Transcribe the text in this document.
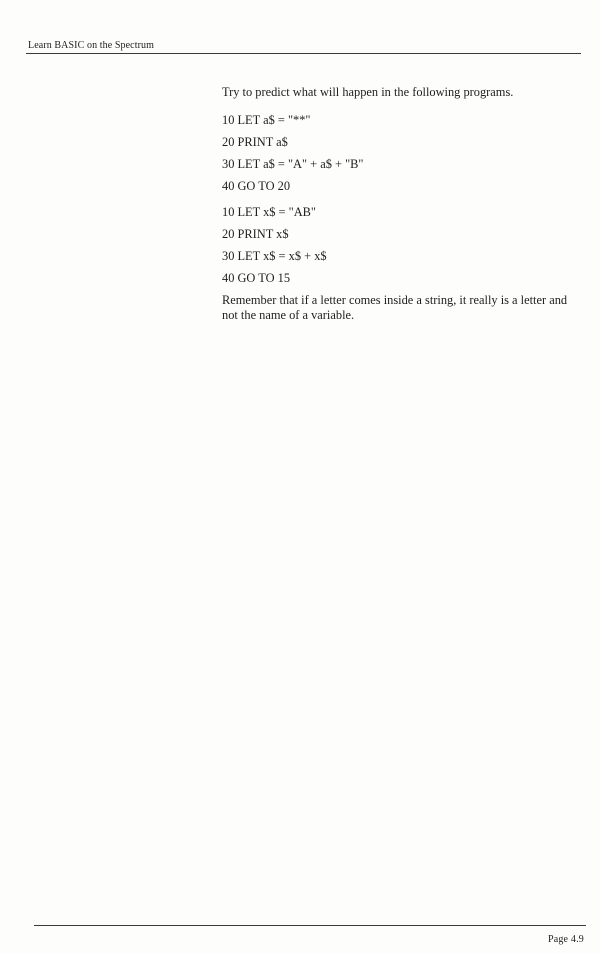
Learn BASIC on the Spectrum

Try to predict what will happen in the following programs.

10 LET a$ = "**"
20 PRINT a$
30 LET a$ = "A" + a$ + "B"
40 GO TO 20
10 LET x$ = "AB"
20 PRINT x$
30 LET x$ = x$ + x$
40 GO TO 15

Remember that if a letter comes inside a string, it really is a letter and not the name of a variable.

Page 4.9
